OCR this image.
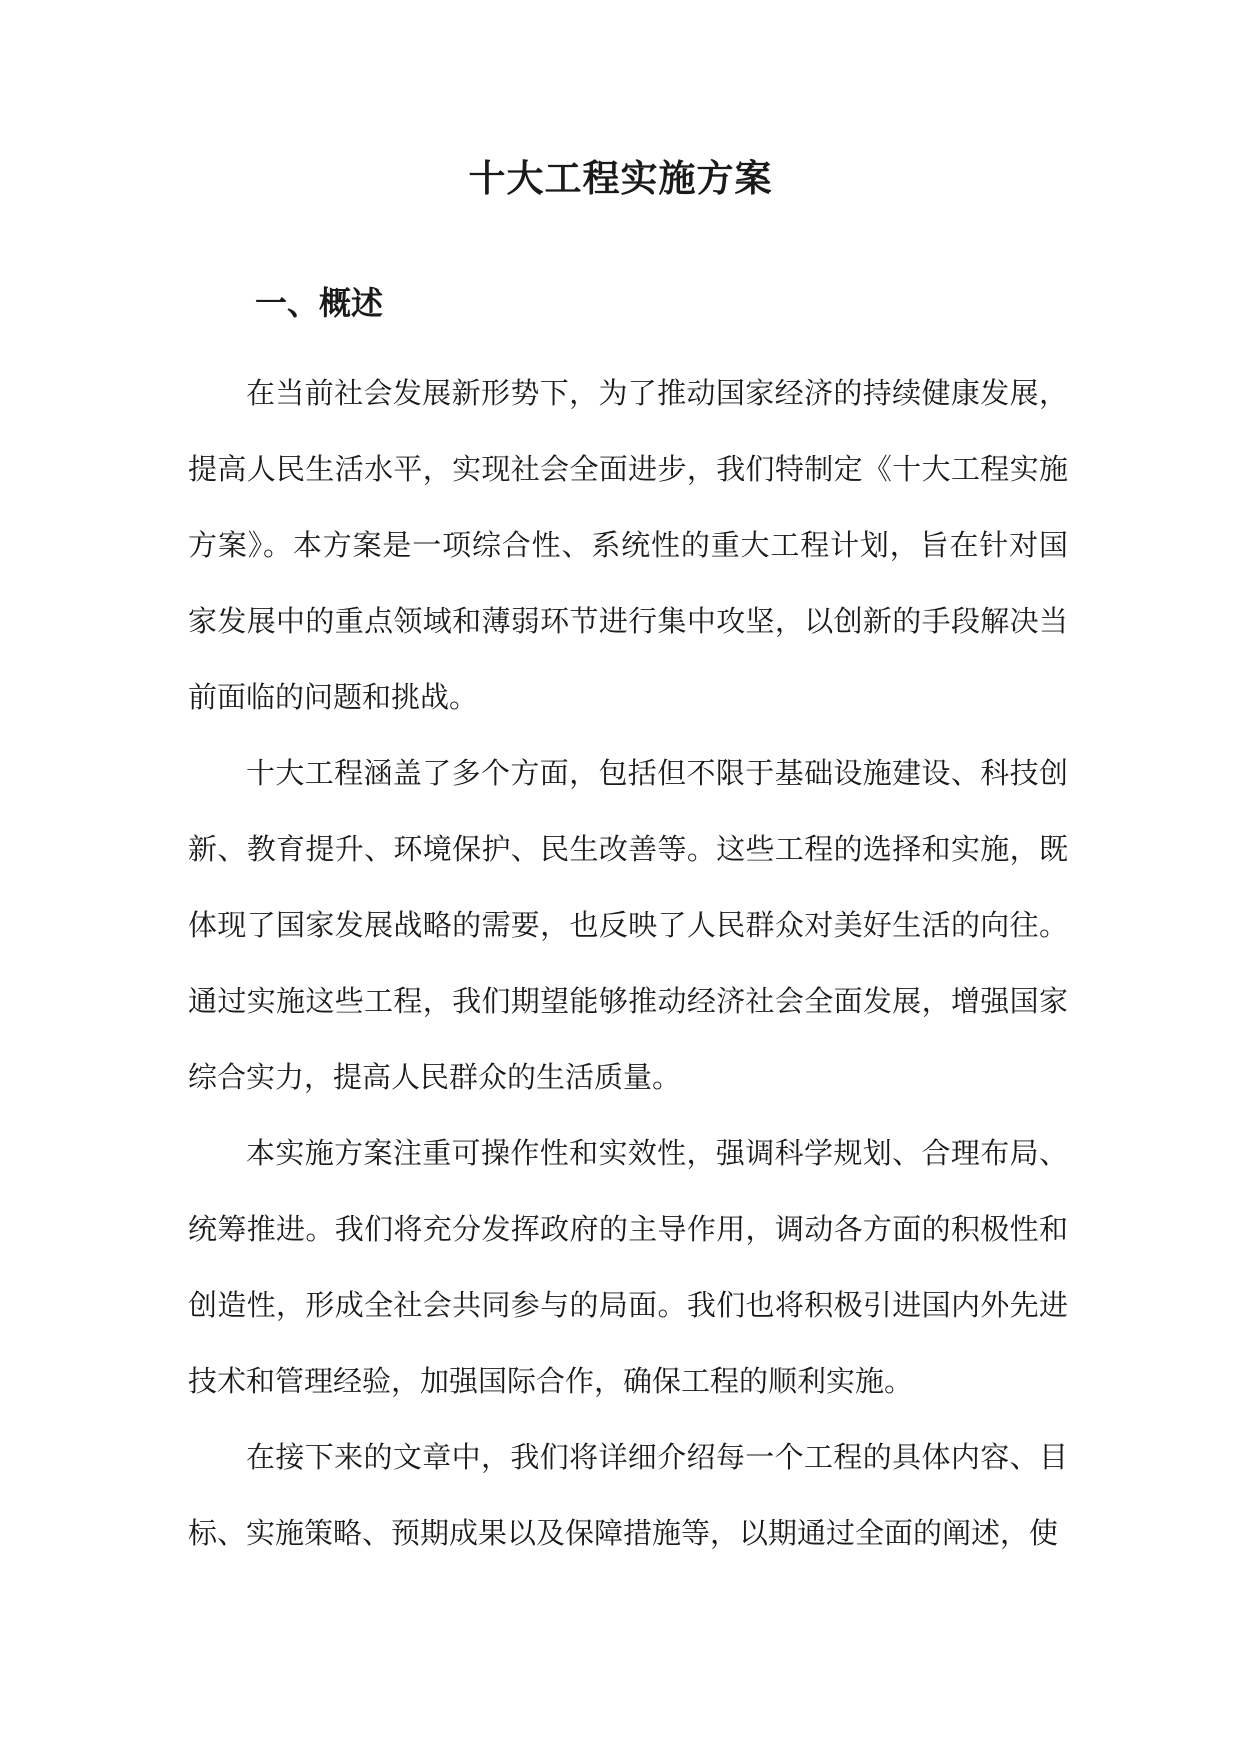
十大工程实施方案
一、概述

在当前社会发展新形势下，为了推动国家经济的持续健康发展，提高人民生活水平，实现社会全面进步，我们特制定《十大工程实施方案》。本方案是一项综合性、系统性的重大工程计划，旨在针对国家发展中的重点领域和薄弱环节进行集中攻坚，以创新的手段解决当前面临的问题和挑战。

十大工程涵盖了多个方面，包括但不限于基础设施建设、科技创新、教育提升、环境保护、民生改善等。这些工程的选择和实施，既体现了国家发展战略的需要，也反映了人民群众对美好生活的向往。通过实施这些工程，我们期望能够推动经济社会全面发展，增强国家综合实力，提高人民群众的生活质量。

本实施方案注重可操作性和实效性，强调科学规划、合理布局、统筹推进。我们将充分发挥政府的主导作用，调动各方面的积极性和创造性，形成全社会共同参与的局面。我们也将积极引进国内外先进技术和管理经验，加强国际合作，确保工程的顺利实施。

在接下来的文章中，我们将详细介绍每一个工程的具体内容、目标、实施策略、预期成果以及保障措施等，以期通过全面的阐述，使
